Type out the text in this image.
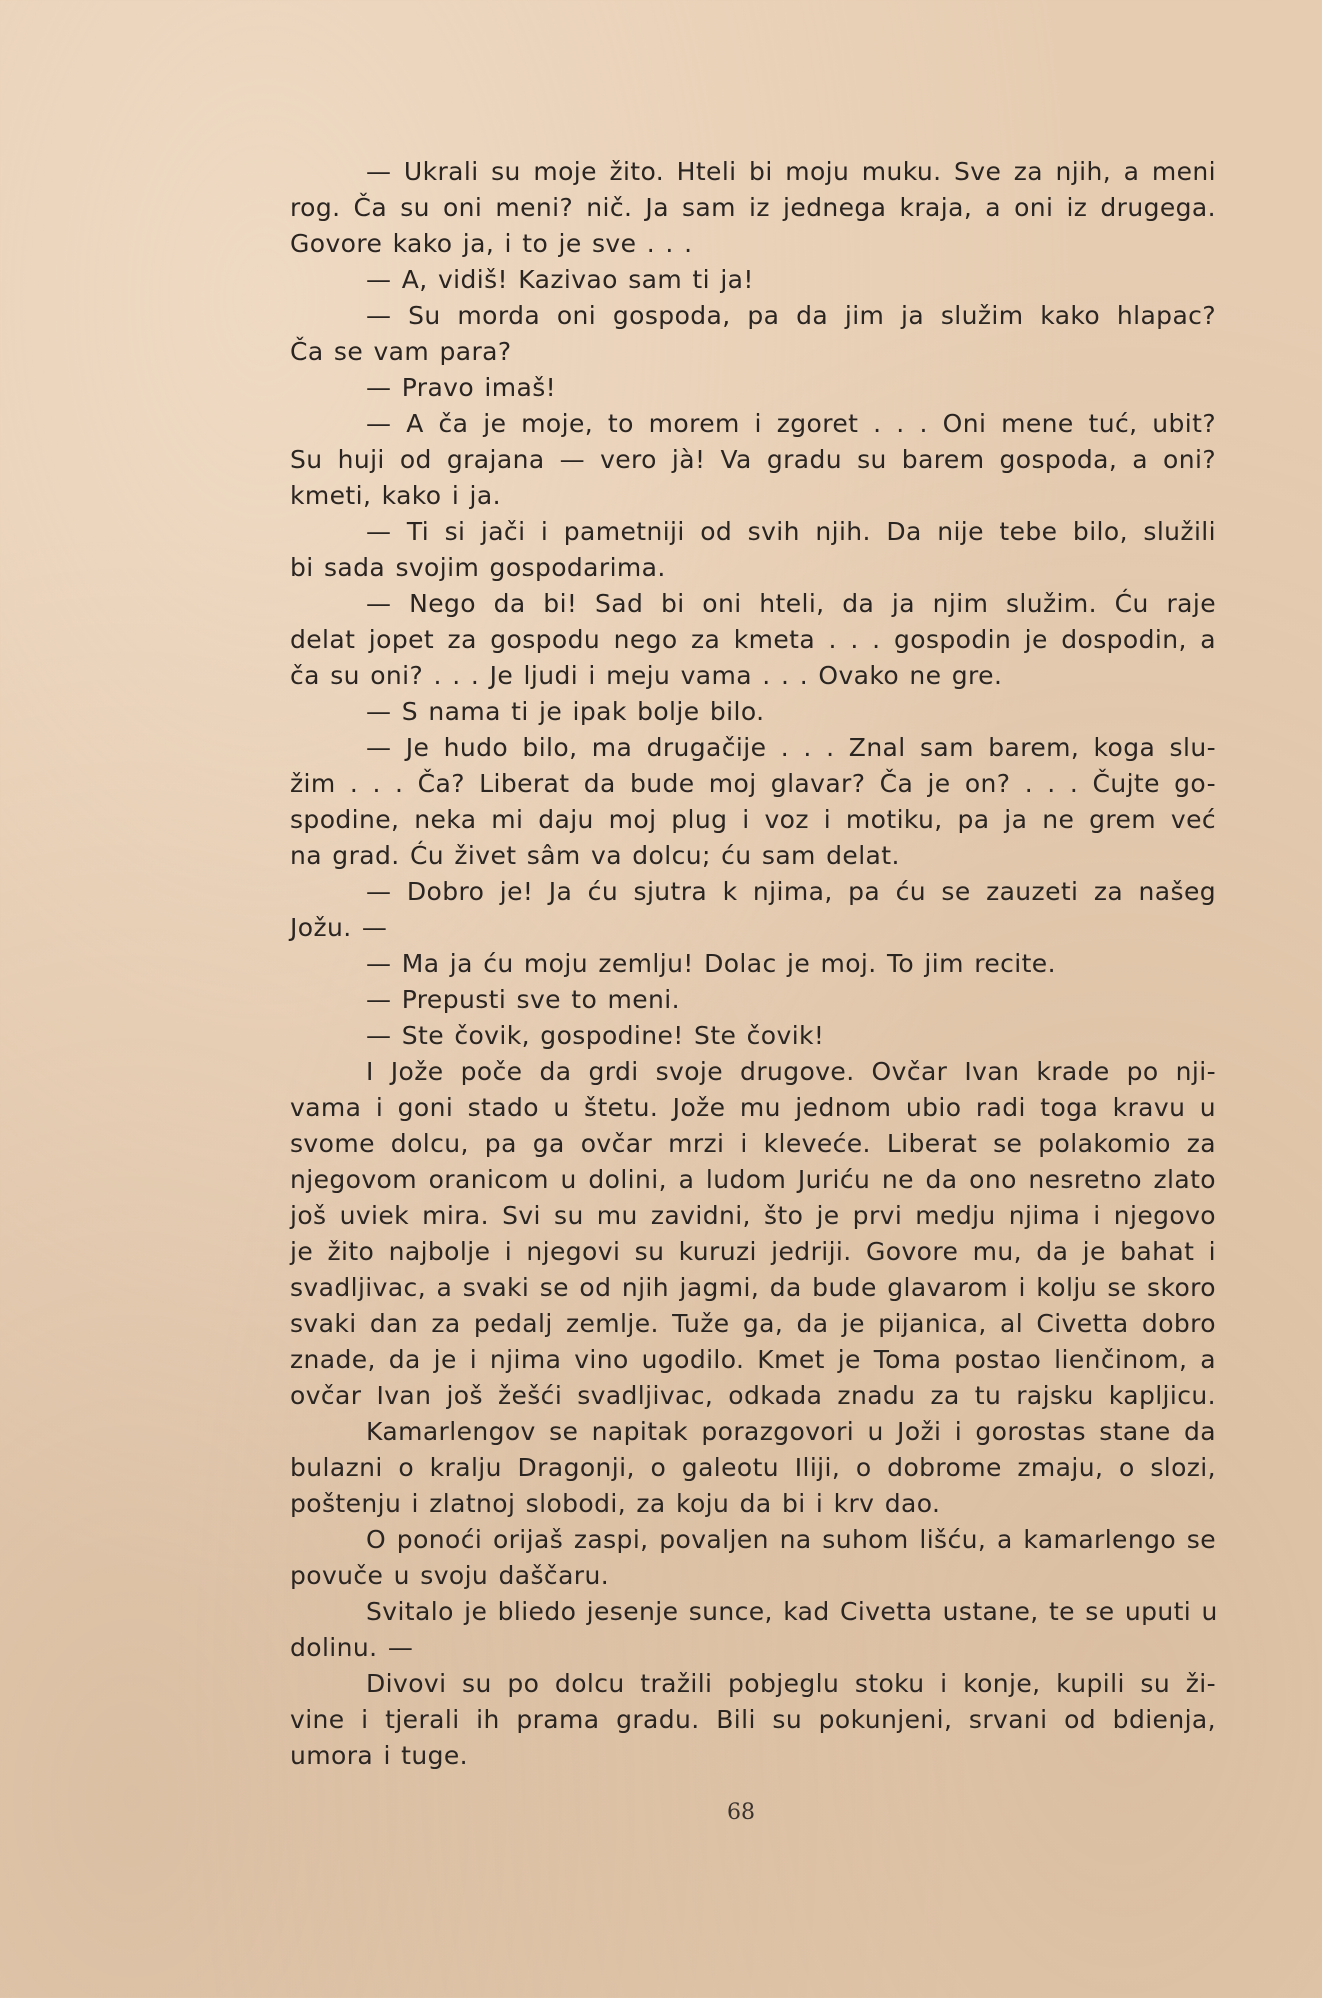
— Ukrali su moje žito. Hteli bi moju muku. Sve za njih, a meni
rog. Ča su oni meni? nič. Ja sam iz jednega kraja, a oni iz drugega.
Govore kako ja, i to je sve . . .
— A, vidiš! Kazivao sam ti ja!
— Su morda oni gospoda, pa da jim ja služim kako hlapac?
Ča se vam para?
— Pravo imaš!
— A ča je moje, to morem i zgoret . . . Oni mene tuć, ubit?
Su huji od grajana — vero jà! Va gradu su barem gospoda, a oni?
kmeti, kako i ja.
— Ti si jači i pametniji od svih njih. Da nije tebe bilo, služili
bi sada svojim gospodarima.
— Nego da bi! Sad bi oni hteli, da ja njim služim. Ću raje
delat jopet za gospodu nego za kmeta . . . gospodin je dospodin, a
ča su oni? . . . Je ljudi i meju vama . . . Ovako ne gre.
— S nama ti je ipak bolje bilo.
— Je hudo bilo, ma drugačije . . . Znal sam barem, koga slu-
žim . . . Ča? Liberat da bude moj glavar? Ča je on? . . . Čujte go-
spodine, neka mi daju moj plug i voz i motiku, pa ja ne grem već
na grad. Ću živet sâm va dolcu; ću sam delat.
— Dobro je! Ja ću sjutra k njima, pa ću se zauzeti za našeg
Jožu. —
— Ma ja ću moju zemlju! Dolac je moj. To jim recite.
— Prepusti sve to meni.
— Ste čovik, gospodine! Ste čovik!
I Jože poče da grdi svoje drugove. Ovčar Ivan krade po nji-
vama i goni stado u štetu. Jože mu jednom ubio radi toga kravu u
svome dolcu, pa ga ovčar mrzi i kleveće. Liberat se polakomio za
njegovom oranicom u dolini, a ludom Juriću ne da ono nesretno zlato
još uviek mira. Svi su mu zavidni, što je prvi medju njima i njegovo
je žito najbolje i njegovi su kuruzi jedriji. Govore mu, da je bahat i
svadljivac, a svaki se od njih jagmi, da bude glavarom i kolju se skoro
svaki dan za pedalj zemlje. Tuže ga, da je pijanica, al Civetta dobro
znade, da je i njima vino ugodilo. Kmet je Toma postao lienčinom, a
ovčar Ivan još žešći svadljivac, odkada znadu za tu rajsku kapljicu.
Kamarlengov se napitak porazgovori u Joži i gorostas stane da
bulazni o kralju Dragonji, o galeotu Iliji, o dobrome zmaju, o slozi,
poštenju i zlatnoj slobodi, za koju da bi i krv dao.
O ponoći orijaš zaspi, povaljen na suhom lišću, a kamarlengo se
povuče u svoju daščaru.
Svitalo je bliedo jesenje sunce, kad Civetta ustane, te se uputi u
dolinu. —
Divovi su po dolcu tražili pobjeglu stoku i konje, kupili su ži-
vine i tjerali ih prama gradu. Bili su pokunjeni, srvani od bdienja,
umora i tuge.
68
